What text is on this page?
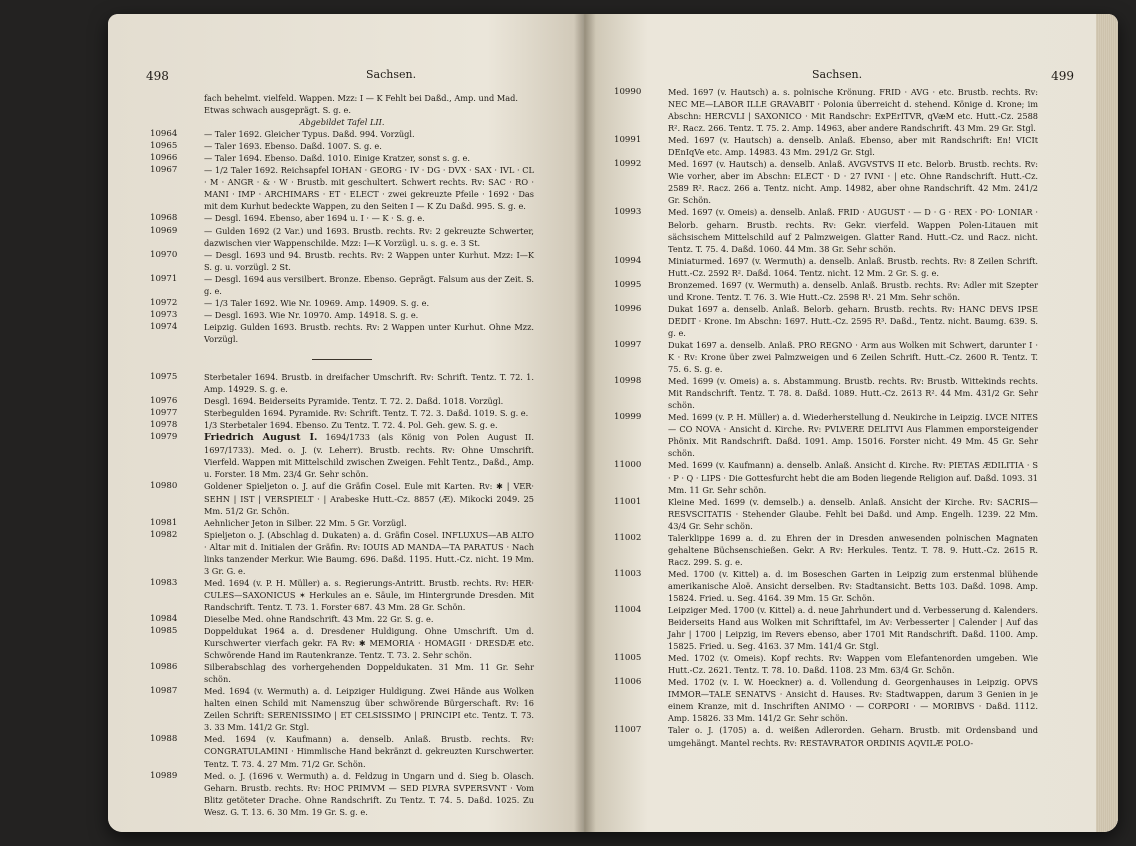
498	Sachsen.
fach behelmt. vielfeld. Wappen. Mzz: I — K Fehlt bei Daßd., Amp. und Mad.
Etwas schwach ausgeprägt. S. g. e.
Abgebildet Tafel LII.
10964	— Taler 1692. Gleicher Typus. Daßd. 994. Vorzügl.
10965	— Taler 1693. Ebenso. Daßd. 1007. S. g. e.
10966	— Taler 1694. Ebenso. Daßd. 1010. Einige Kratzer, sonst s. g. e.
10967	— 1/2 Taler 1692. Reichsapfel IOHAN · GEORG · IV · DG · DVX · SAX · IVL · CL · M · ANGR · & · W · Brustb. mit geschultert. Schwert rechts. Rv: SAC · RO · MANI · IMP · ARCHIMARS · ET · ELECT · zwei gekreuzte Pfeile · 1692 · Das mit dem Kurhut bedeckte Wappen, zu den Seiten I — K Zu Daßd. 995. S. g. e.
10968	— Desgl. 1694. Ebenso, aber 1694 u. I · — K · S. g. e.
10969	— Gulden 1692 (2 Var.) und 1693. Brustb. rechts. Rv: 2 gekreuzte Schwerter, dazwischen vier Wappenschilde. Mzz: I—K Vorzügl. u. s. g. e. 3 St.
10970	— Desgl. 1693 und 94. Brustb. rechts. Rv: 2 Wappen unter Kurhut. Mzz: I—K S. g. u. vorzügl. 2 St.
10971	— Desgl. 1694 aus versilbert. Bronze. Ebenso. Geprägt. Falsum aus der Zeit. S. g. e.
10972	— 1/3 Taler 1692. Wie Nr. 10969. Amp. 14909. S. g. e.
10973	— Desgl. 1693. Wie Nr. 10970. Amp. 14918. S. g. e.
10974	Leipzig. Gulden 1693. Brustb. rechts. Rv: 2 Wappen unter Kurhut. Ohne Mzz. Vorzügl.
10975	Sterbetaler 1694. Brustb. in dreifacher Umschrift. Rv: Schrift. Tentz. T. 72. 1. Amp. 14929. S. g. e.
10976	Desgl. 1694. Beiderseits Pyramide. Tentz. T. 72. 2. Daßd. 1018. Vorzügl.
10977	Sterbegulden 1694. Pyramide. Rv: Schrift. Tentz. T. 72. 3. Daßd. 1019. S. g. e.
10978	1/3 Sterbetaler 1694. Ebenso. Zu Tentz. T. 72. 4. Pol. Geh. gew. S. g. e.
10979	Friedrich August I. 1694/1733 (als König von Polen August II. 1697/1733). Med. o. J. (v. Leherr). Brustb. rechts. Rv: Ohne Umschrift. Vierfeld. Wappen mit Mittelschild zwischen Zweigen. Fehlt Tentz., Daßd., Amp. u. Forster. 18 Mm. 23/4 Gr. Sehr schön.
10980	Goldener Spieljeton o. J. auf die Gräfin Cosel. Eule mit Karten. Rv: ✱ | VER· SEHN | IST | VERSPIELT · | Arabeske Hutt.-Cz. 8857 (Æ). Mikocki 2049. 25 Mm. 51/2 Gr. Schön.
10981	Aehnlicher Jeton in Silber. 22 Mm. 5 Gr. Vorzügl.
10982	Spieljeton o. J. (Abschlag d. Dukaten) a. d. Gräfin Cosel. INFLUXUS—AB ALTO · Altar mit d. Initialen der Gräfin. Rv: IOUIS AD MANDA—TA PARATUS · Nach links tanzender Merkur. Wie Baumg. 696. Daßd. 1195. Hutt.-Cz. nicht. 19 Mm. 3 Gr. G. e.
10983	Med. 1694 (v. P. H. Müller) a. s. Regierungs-Antritt. Brustb. rechts. Rv: HER· CULES—SAXONICUS ✶ Herkules an e. Säule, im Hintergrunde Dresden. Mit Randschrift. Tentz. T. 73. 1. Forster 687. 43 Mm. 28 Gr. Schön.
10984	Dieselbe Med. ohne Randschrift. 43 Mm. 22 Gr. S. g. e.
10985	Doppeldukat 1964 a. d. Dresdener Huldigung. Ohne Umschrift. Um d. Kurschwerter vierfach gekr. FA Rv: ✱ MEMORIA · HOMAGII · DRESDÆ etc. Schwörende Hand im Rautenkranze. Tentz. T. 73. 2. Sehr schön.
10986	Silberabschlag des vorhergehenden Doppeldukaten. 31 Mm. 11 Gr. Sehr schön.
10987	Med. 1694 (v. Wermuth) a. d. Leipziger Huldigung. Zwei Hände aus Wolken halten einen Schild mit Namenszug über schwörende Bürgerschaft. Rv: 16 Zeilen Schrift: SERENISSIMO | ET CELSISSIMO | PRINCIPI etc. Tentz. T. 73. 3. 33 Mm. 141/2 Gr. Stgl.
10988	Med. 1694 (v. Kaufmann) a. denselb. Anlaß. Brustb. rechts. Rv: CONGRATULAMINI · Himmlische Hand bekränzt d. gekreuzten Kurschwerter. Tentz. T. 73. 4. 27 Mm. 71/2 Gr. Schön.
10989	Med. o. J. (1696 v. Wermuth) a. d. Feldzug in Ungarn und d. Sieg b. Olasch. Geharn. Brustb. rechts. Rv: HOC PRIMVM — SED PLVRA SVPERSVNT · Vom Blitz getöteter Drache. Ohne Randschrift. Zu Tentz. T. 74. 5. Daßd. 1025. Zu Wesz. G. T. 13. 6. 30 Mm. 19 Gr. S. g. e.
Sachsen.	499
10990	Med. 1697 (v. Hautsch) a. s. polnische Krönung. FRID · AVG · etc. Brustb. rechts. Rv: NEC ME—LABOR ILLE GRAVABIT · Polonia überreicht d. stehend. Könige d. Krone; im Abschn: HERCVLI | SAXONICO · Mit Randschr: ExPErITVR, qVæM etc. Hutt.-Cz. 2588 R². Racz. 266. Tentz. T. 75. 2. Amp. 14963, aber andere Randschrift. 43 Mm. 29 Gr. Stgl.
10991	Med. 1697 (v. Hautsch) a. denselb. Anlaß. Ebenso, aber mit Randschrift: En! VICIt DEnIqVe etc. Amp. 14983. 43 Mm. 291/2 Gr. Stgl.
10992	Med. 1697 (v. Hautsch) a. denselb. Anlaß. AVGVSTVS II etc. Belorb. Brustb. rechts. Rv: Wie vorher, aber im Abschn: ELECT · D · 27 IVNI · | etc. Ohne Randschrift. Hutt.-Cz. 2589 R². Racz. 266 a. Tentz. nicht. Amp. 14982, aber ohne Randschrift. 42 Mm. 241/2 Gr. Schön.
10993	Med. 1697 (v. Omeis) a. denselb. Anlaß. FRID · AUGUST · — D · G · REX · PO· LONIAR · Belorb. geharn. Brustb. rechts. Rv: Gekr. vierfeld. Wappen Polen-Litauen mit sächsischem Mittelschild auf 2 Palmzweigen. Glatter Rand. Hutt.-Cz. und Racz. nicht. Tentz. T. 75. 4. Daßd. 1060. 44 Mm. 38 Gr. Sehr schön.
10994	Miniaturmed. 1697 (v. Wermuth) a. denselb. Anlaß. Brustb. rechts. Rv: 8 Zeilen Schrift. Hutt.-Cz. 2592 R². Daßd. 1064. Tentz. nicht. 12 Mm. 2 Gr. S. g. e.
10995	Bronzemed. 1697 (v. Wermuth) a. denselb. Anlaß. Brustb. rechts. Rv: Adler mit Szepter und Krone. Tentz. T. 76. 3. Wie Hutt.-Cz. 2598 R¹. 21 Mm. Sehr schön.
10996	Dukat 1697 a. denselb. Anlaß. Belorb. geharn. Brustb. rechts. Rv: HANC DEVS IPSE DEDIT · Krone. Im Abschn: 1697. Hutt.-Cz. 2595 R³. Daßd., Tentz. nicht. Baumg. 639. S. g. e.
10997	Dukat 1697 a. denselb. Anlaß. PRO REGNO · Arm aus Wolken mit Schwert, darunter I · K · Rv: Krone über zwei Palmzweigen und 6 Zeilen Schrift. Hutt.-Cz. 2600 R. Tentz. T. 75. 6. S. g. e.
10998	Med. 1699 (v. Omeis) a. s. Abstammung. Brustb. rechts. Rv: Brustb. Wittekinds rechts. Mit Randschrift. Tentz. T. 78. 8. Daßd. 1089. Hutt.-Cz. 2613 R². 44 Mm. 431/2 Gr. Sehr schön.
10999	Med. 1699 (v. P. H. Müller) a. d. Wiederherstellung d. Neukirche in Leipzig. LVCE NITES — CO NOVA · Ansicht d. Kirche. Rv: PVLVERE DELITVI Aus Flammen emporsteigender Phönix. Mit Randschrift. Daßd. 1091. Amp. 15016. Forster nicht. 49 Mm. 45 Gr. Sehr schön.
11000	Med. 1699 (v. Kaufmann) a. denselb. Anlaß. Ansicht d. Kirche. Rv: PIETAS ÆDILITIA · S · P · Q · LIPS · Die Gottesfurcht hebt die am Boden liegende Religion auf. Daßd. 1093. 31 Mm. 11 Gr. Sehr schön.
11001	Kleine Med. 1699 (v. demselb.) a. denselb. Anlaß. Ansicht der Kirche. Rv: SACRIS—RESVSCITATIS · Stehender Glaube. Fehlt bei Daßd. und Amp. Engelh. 1239. 22 Mm. 43/4 Gr. Sehr schön.
11002	Talerklippe 1699 a. d. zu Ehren der in Dresden anwesenden polnischen Magnaten gehaltene Büchsenschießen. Gekr. A Rv: Herkules. Tentz. T. 78. 9. Hutt.-Cz. 2615 R. Racz. 299. S. g. e.
11003	Med. 1700 (v. Kittel) a. d. im Boseschen Garten in Leipzig zum erstenmal blühende amerikanische Aloë. Ansicht derselben. Rv: Stadtansicht. Betts 103. Daßd. 1098. Amp. 15824. Fried. u. Seg. 4164. 39 Mm. 15 Gr. Schön.
11004	Leipziger Med. 1700 (v. Kittel) a. d. neue Jahrhundert und d. Verbesserung d. Kalenders. Beiderseits Hand aus Wolken mit Schrifttafel, im Av: Verbesserter | Calender | Auf das Jahr | 1700 | Leipzig, im Revers ebenso, aber 1701 Mit Randschrift. Daßd. 1100. Amp. 15825. Fried. u. Seg. 4163. 37 Mm. 141/4 Gr. Stgl.
11005	Med. 1702 (v. Omeis). Kopf rechts. Rv: Wappen vom Elefantenorden umgeben. Wie Hutt.-Cz. 2621. Tentz. T. 78. 10. Daßd. 1108. 23 Mm. 63/4 Gr. Schön.
11006	Med. 1702 (v. I. W. Hoeckner) a. d. Vollendung d. Georgenhauses in Leipzig. OPVS IMMOR—TALE SENATVS · Ansicht d. Hauses. Rv: Stadtwappen, darum 3 Genien in je einem Kranze, mit d. Inschriften ANIMO · — CORPORI · — MORIBVS · Daßd. 1112. Amp. 15826. 33 Mm. 141/2 Gr. Sehr schön.
11007	Taler o. J. (1705) a. d. weißen Adlerorden. Geharn. Brustb. mit Ordensband und umgehängt. Mantel rechts. Rv: RESTAVRATOR ORDINIS AQVILÆ POLO-
